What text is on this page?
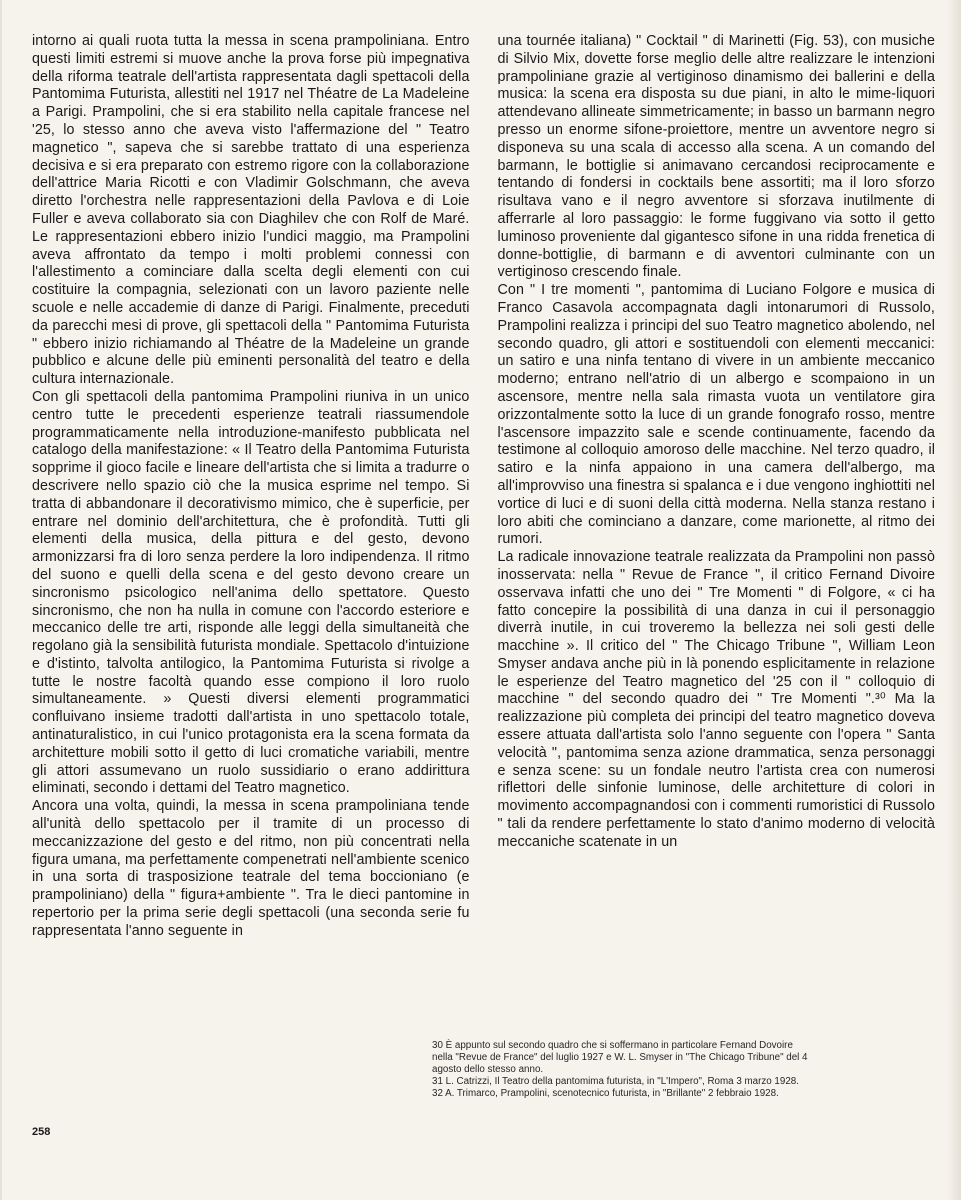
intorno ai quali ruota tutta la messa in scena prampoliniana. Entro questi limiti estremi si muove anche la prova forse più impegnativa della riforma teatrale dell'artista rappresentata dagli spettacoli della Pantomima Futurista, allestiti nel 1917 nel Théatre de La Madeleine a Parigi. Prampolini, che si era stabilito nella capitale francese nel '25, lo stesso anno che aveva visto l'affermazione del " Teatro magnetico ", sapeva che si sarebbe trattato di una esperienza decisiva e si era preparato con estremo rigore con la collaborazione dell'attrice Maria Ricotti e con Vladimir Golschmann, che aveva diretto l'orchestra nelle rappresentazioni della Pavlova e di Loie Fuller e aveva collaborato sia con Diaghilev che con Rolf de Maré. Le rappresentazioni ebbero inizio l'undici maggio, ma Prampolini aveva affrontato da tempo i molti problemi connessi con l'allestimento a cominciare dalla scelta degli elementi con cui costituire la compagnia, selezionati con un lavoro paziente nelle scuole e nelle accademie di danze di Parigi. Finalmente, preceduti da parecchi mesi di prove, gli spettacoli della " Pantomima Futurista " ebbero inizio richiamando al Théatre de la Madeleine un grande pubblico e alcune delle più eminenti personalità del teatro e della cultura internazionale.

Con gli spettacoli della pantomima Prampolini riuniva in un unico centro tutte le precedenti esperienze teatrali riassumendole programmaticamente nella introduzione-manifesto pubblicata nel catalogo della manifestazione: « Il Teatro della Pantomima Futurista sopprime il gioco facile e lineare dell'artista che si limita a tradurre o descrivere nello spazio ciò che la musica esprime nel tempo. Si tratta di abbandonare il decorativismo mimico, che è superficie, per entrare nel dominio dell'architettura, che è profondità. Tutti gli elementi della musica, della pittura e del gesto, devono armonizzarsi fra di loro senza perdere la loro indipendenza. Il ritmo del suono e quelli della scena e del gesto devono creare un sincronismo psicologico nell'anima dello spettatore. Questo sincronismo, che non ha nulla in comune con l'accordo esteriore e meccanico delle tre arti, risponde alle leggi della simultaneità che regolano già la sensibilità futurista mondiale. Spettacolo d'intuizione e d'istinto, talvolta antilogico, la Pantomima Futurista si rivolge a tutte le nostre facoltà quando esse compiono il loro ruolo simultaneamente. » Questi diversi elementi programmatici confluivano insieme tradotti dall'artista in uno spettacolo totale, antinaturalistico, in cui l'unico protagonista era la scena formata da architetture mobili sotto il getto di luci cromatiche variabili, mentre gli attori assumevano un ruolo sussidiario o erano addirittura eliminati, secondo i dettami del Teatro magnetico.

Ancora una volta, quindi, la messa in scena prampoliniana tende all'unità dello spettacolo per il tramite di un processo di meccanizzazione del gesto e del ritmo, non più concentrati nella figura umana, ma perfettamente compenetrati nell'ambiente scenico in una sorta di trasposizione teatrale del tema boccioniano (e prampoliniano) della " figura+ambiente ". Tra le dieci pantomine in repertorio per la prima serie degli spettacoli (una seconda serie fu rappresentata l'anno seguente in

una tournée italiana) " Cocktail " di Marinetti (Fig. 53), con musiche di Silvio Mix, dovette forse meglio delle altre realizzare le intenzioni prampoliniane grazie al vertiginoso dinamismo dei ballerini e della musica: la scena era disposta su due piani, in alto le mime-liquori attendevano allineate simmetricamente; in basso un barmann negro presso un enorme sifone-proiettore, mentre un avventore negro si disponeva su una scala di accesso alla scena. A un comando del barmann, le bottiglie si animavano cercandosi reciprocamente e tentando di fondersi in cocktails bene assortiti; ma il loro sforzo risultava vano e il negro avventore si sforzava inutilmente di afferrarle al loro passaggio: le forme fuggivano via sotto il getto luminoso proveniente dal gigantesco sifone in una ridda frenetica di donne-bottiglie, di barmann e di avventori culminante con un vertiginoso crescendo finale.

Con " I tre momenti ", pantomima di Luciano Folgore e musica di Franco Casavola accompagnata dagli intonarumori di Russolo, Prampolini realizza i principi del suo Teatro magnetico abolendo, nel secondo quadro, gli attori e sostituendoli con elementi meccanici: un satiro e una ninfa tentano di vivere in un ambiente meccanico moderno; entrano nell'atrio di un albergo e scompaiono in un ascensore, mentre nella sala rimasta vuota un ventilatore gira orizzontalmente sotto la luce di un grande fonografo rosso, mentre l'ascensore impazzito sale e scende continuamente, facendo da testimone al colloquio amoroso delle macchine. Nel terzo quadro, il satiro e la ninfa appaiono in una camera dell'albergo, ma all'improvviso una finestra si spalanca e i due vengono inghiottiti nel vortice di luci e di suoni della città moderna. Nella stanza restano i loro abiti che cominciano a danzare, come marionette, al ritmo dei rumori.

La radicale innovazione teatrale realizzata da Prampolini non passò inosservata: nella " Revue de France ", il critico Fernand Divoire osservava infatti che uno dei " Tre Momenti " di Folgore, « ci ha fatto concepire la possibilità di una danza in cui il personaggio diverrà inutile, in cui troveremo la bellezza nei soli gesti delle macchine ». Il critico del " The Chicago Tribune ", William Leon Smyser andava anche più in là ponendo esplicitamente in relazione le esperienze del Teatro magnetico del '25 con il " colloquio di macchine " del secondo quadro dei " Tre Momenti ".³⁰ Ma la realizzazione più completa dei principi del teatro magnetico doveva essere attuata dall'artista solo l'anno seguente con l'opera " Santa velocità ", pantomima senza azione drammatica, senza personaggi e senza scene: su un fondale neutro l'artista crea con numerosi riflettori delle sinfonie luminose, delle architetture di colori in movimento accompagnandosi con i commenti rumoristici di Russolo " tali da rendere perfettamente lo stato d'animo moderno di velocità meccaniche scatenate in un

30 È appunto sul secondo quadro che si soffermano in particolare Fernand Dovoire nella "Revue de France" del luglio 1927 e W. L. Smyser in "The Chicago Tribune" del 4 agosto dello stesso anno.

31 L. Catrizzi, Il Teatro della pantomima futurista, in "L'Impero", Roma 3 marzo 1928.

32 A. Trimarco, Prampolini, scenotecnico futurista, in "Brillante" 2 febbraio 1928.

258
